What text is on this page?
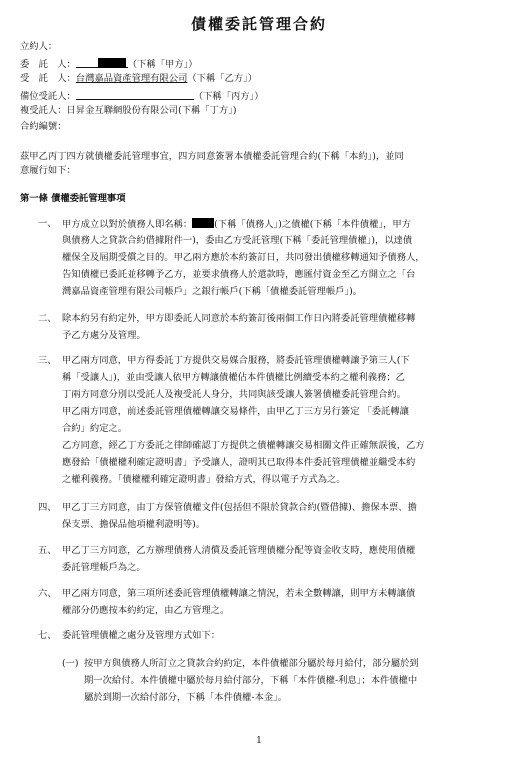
債權委託管理合約
立約人：
委　託　人：	（下稱「甲方」）
受　託　人：台灣嘉品資產管理有限公司（下稱「乙方」）
備位受託人：	（下稱「丙方」）
複受託人：日昇金互聯網股份有限公司(下稱「丁方」)
合約編號：
茲甲乙丙丁四方就債權委託管理事宜，四方同意簽署本債權委託管理合約(下稱「本約」)，並同
意履行如下：
第一條 債權委託管理事項
一、 甲方成立以對於債務人即名稱： (下稱「債務人」)之債權(下稱「本件債權」，甲方
與債務人之貸款合約借據附件一)，委由乙方受託管理(下稱「委託管理債權」)，以達債
權保全及屆期受償之目的。甲乙兩方應於本約簽訂日，共同發出債權移轉通知予債務人，
告知債權已委託並移轉予乙方，並要求債務人於還款時，應匯付資金至乙方開立之「台
灣嘉品資產管理有限公司帳戶」之銀行帳戶(下稱「債權委託管理帳戶」)。
二、 除本約另有約定外，甲方即委託人同意於本約簽訂後兩個工作日內將委託管理債權移轉
予乙方處分及管理。
三、 甲乙兩方同意，甲方得委託丁方提供交易媒合服務，將委託管理債權轉讓予第三人(下
稱「受讓人」)，並由受讓人依甲方轉讓債權佔本件債權比例續受本約之權利義務；乙
丁兩方同意分別以受託人及複受託人身分，共同與該受讓人簽署債權委託管理合約。
甲乙兩方同意，前述委託管理債權轉讓交易條件，由甲乙丁三方另行簽定 「委託轉讓
合約」約定之。
乙方同意，經乙丁方委託之律師確認丁方提供之債權轉讓交易相關文件正確無誤後，乙方
應發給「債權權利確定證明書」予受讓人，證明其已取得本件委託管理債權並繼受本約
之權利義務。「債權權利確定證明書」發給方式，得以電子方式為之。
四、 甲乙丁三方同意，由丁方保管債權文件(包括但不限於貸款合約(暨借據)、擔保本票、擔
保支票、擔保品他項權利證明等)。
五、 甲乙丁三方同意，乙方辦理債務人清償及委託管理債權分配等資金收支時，應使用債權
委託管理帳戶為之。
六、 甲乙兩方同意，第三項所述委託管理債權轉讓之情況，若未全數轉讓，則甲方未轉讓債
權部分仍應按本約約定，由乙方管理之。
七、 委託管理債權之處分及管理方式如下：
(一) 按甲方與債務人所訂立之貸款合約約定，本件債權部分屬於每月給付，部分屬於到
期一次給付。本件債權中屬於每月給付部分，下稱「本件債權-利息」；本件債權中
屬於到期一次給付部分，下稱「本件債權-本金」。
1
